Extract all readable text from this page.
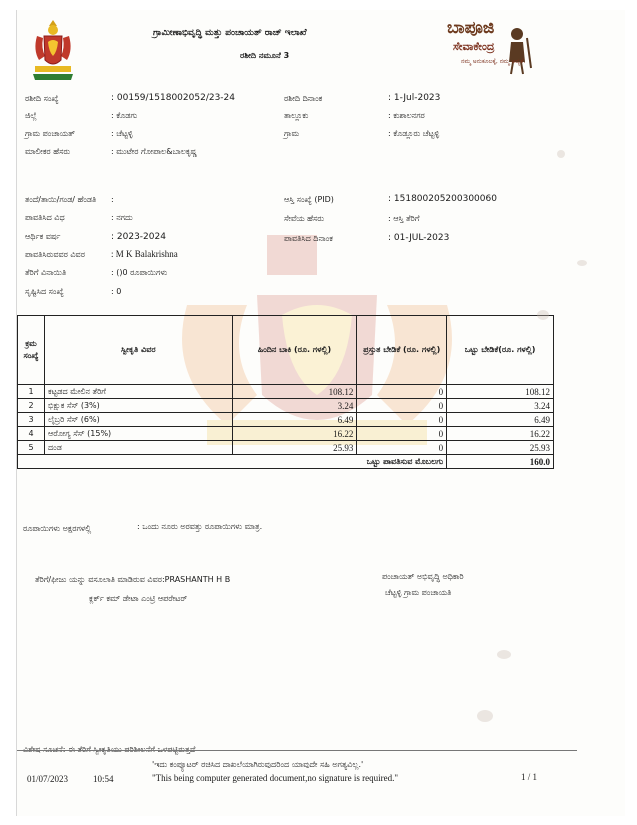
ಗ್ರಾಮೀಣಾಭಿವೃದ್ಧಿ ಮತ್ತು ಪಂಚಾಯತ್ ರಾಜ್ ಇಲಾಖೆ
ರಶೀದಿ ನಮೂನೆ 3
ಬಾಪೂಜಿ
ಸೇವಾಕೇಂದ್ರ
ನಮ್ಮ ಅನುಕೂಲಕ್ಕೆ, ನಮ್ಮ ಆದ್ಯತೆ.
ರಶೀದಿ ಸಂಖ್ಯೆ	: 00159/1518002052/23-24
ಜಿಲ್ಲೆ	: ಕೊಡಗು
ಗ್ರಾಮ ಪಂಚಾಯತ್	: ಚೆಟ್ಟಳ್ಳಿ
ಮಾಲೀಕರ ಹೆಸರು	: ಮುಟೇರ ಗೋಪಾಲ&ಬಾಲಕೃಷ್ಣ
ರಶೀದಿ ದಿನಾಂಕ	: 1-Jul-2023
ತಾಲ್ಲೂಕು	: ಕುಶಾಲನಗರ
ಗ್ರಾಮ	: ಕೊಡ್ಲೂರು ಚೆಟ್ಟಳ್ಳಿ
ತಂದೆ/ತಾಯಿ/ಗಂಡ/ ಹೆಂಡತಿ :
ಪಾವತಿಸಿದ ವಿಧ	: ನಗದು
ಆರ್ಥಿಕ ವರ್ಷ	: 2023-2024
ಪಾವತಿಸಿರುವವರ ವಿವರ	: M K Balakrishna
ತೆರಿಗೆ ವಿನಾಯಿತಿ	: ()0 ರೂಪಾಯಿಗಳು
ಸೃಷ್ಟಿಸಿದ ಸಂಖ್ಯೆ	: 0
ಆಸ್ತಿ ಸಂಖ್ಯೆ (PID)	: 151800205200300060
ಸೇವೆಯ ಹೆಸರು	: ಆಸ್ತಿ ತೆರಿಗೆ
ಪಾವತಿಸಿದ ದಿನಾಂಕ	: 01-JUL-2023
ಕ್ರಮ ಸಂಖ್ಯೆ	ಸ್ವೀಕೃತಿ ವಿವರ	ಹಿಂದಿನ ಬಾಕಿ (ರೂ. ಗಳಲ್ಲಿ)	ಪ್ರಸ್ತುತ ಬೇಡಿಕೆ (ರೂ. ಗಳಲ್ಲಿ)	ಒಟ್ಟು ಬೇಡಿಕೆ(ರೂ. ಗಳಲ್ಲಿ)
1	ಕಟ್ಟಡದ ಮೇಲಿನ ತೆರಿಗೆ	108.12	0	108.12
2	ಭಿಕ್ಷುಕ ಸೆಸ್ (3%)	3.24	0	3.24
3	ಲೈಬ್ರರಿ ಸೆಸ್ (6%)	6.49	0	6.49
4	ಆರೋಗ್ಯ ಸೆಸ್ (15%)	16.22	0	16.22
5	ದಂಡ	25.93	0	25.93
ಒಟ್ಟು ಪಾವತಿಸುವ ಮೊಬಲಗು				160.0
ರೂಪಾಯಿಗಳು ಅಕ್ಷರಗಳಲ್ಲಿ	: ಒಂದು ನೂರು ಅರವತ್ತು ರೂಪಾಯಿಗಳು ಮಾತ್ರ.
ತೆರಿಗೆ/ಫೀಜು ಯನ್ನು ವಸೂಲಾತಿ ಮಾಡಿರುವ ವಿವರ:PRASHANTH H B
ಕ್ಲರ್ಕ್ ಕಮ್ ಡೇಟಾ ಎಂಟ್ರಿ ಆಪರೇಟರ್
ಪಂಚಾಯತ್ ಅಭಿವೃದ್ಧಿ ಅಧಿಕಾರಿ
ಚೆಟ್ಟಳ್ಳಿ ಗ್ರಾಮ ಪಂಚಾಯತಿ
ವಿಶೇಷ ಸೂಚನೆ: ಈ ತೆರಿಗೆ ಸ್ವೀಕೃತಿಯು ಪರಿಶೀಲನೆಗೆ ಒಳಪಟ್ಟಿರುತ್ತದೆ
'ಇದು ಕಂಪ್ಯೂಟರ್ ರಚಿಸಿದ ದಾಖಲೆಯಾಗಿರುವುದರಿಂದ ಯಾವುದೇ ಸಹಿ ಅಗತ್ಯವಿಲ್ಲ.'
01/07/2023	10:54	"This being computer generated document,no signature is required."	1 / 1
